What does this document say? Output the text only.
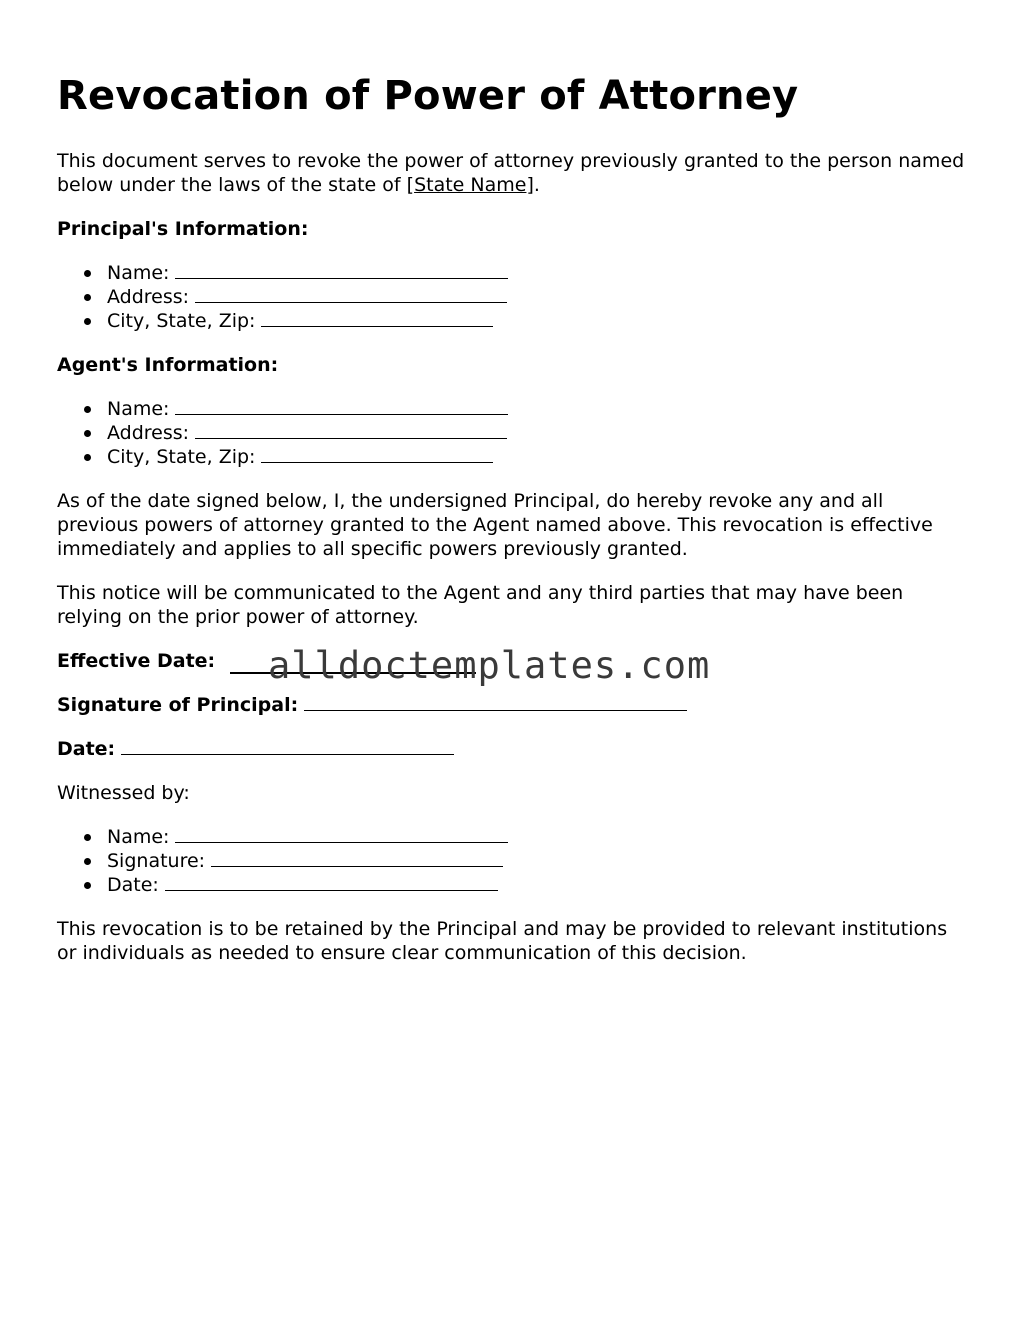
Revocation of Power of Attorney

This document serves to revoke the power of attorney previously granted to the person named below under the laws of the state of [State Name].

Principal's Information:

Name:
Address:
City, State, Zip:

Agent's Information:

Name:
Address:
City, State, Zip:

As of the date signed below, I, the undersigned Principal, do hereby revoke any and all previous powers of attorney granted to the Agent named above. This revocation is effective immediately and applies to all specific powers previously granted.

This notice will be communicated to the Agent and any third parties that may have been relying on the prior power of attorney.

Effective Date:

Signature of Principal:

Date:

Witnessed by:

Name:
Signature:
Date:

This revocation is to be retained by the Principal and may be provided to relevant institutions or individuals as needed to ensure clear communication of this decision.

alldoctemplates.com
